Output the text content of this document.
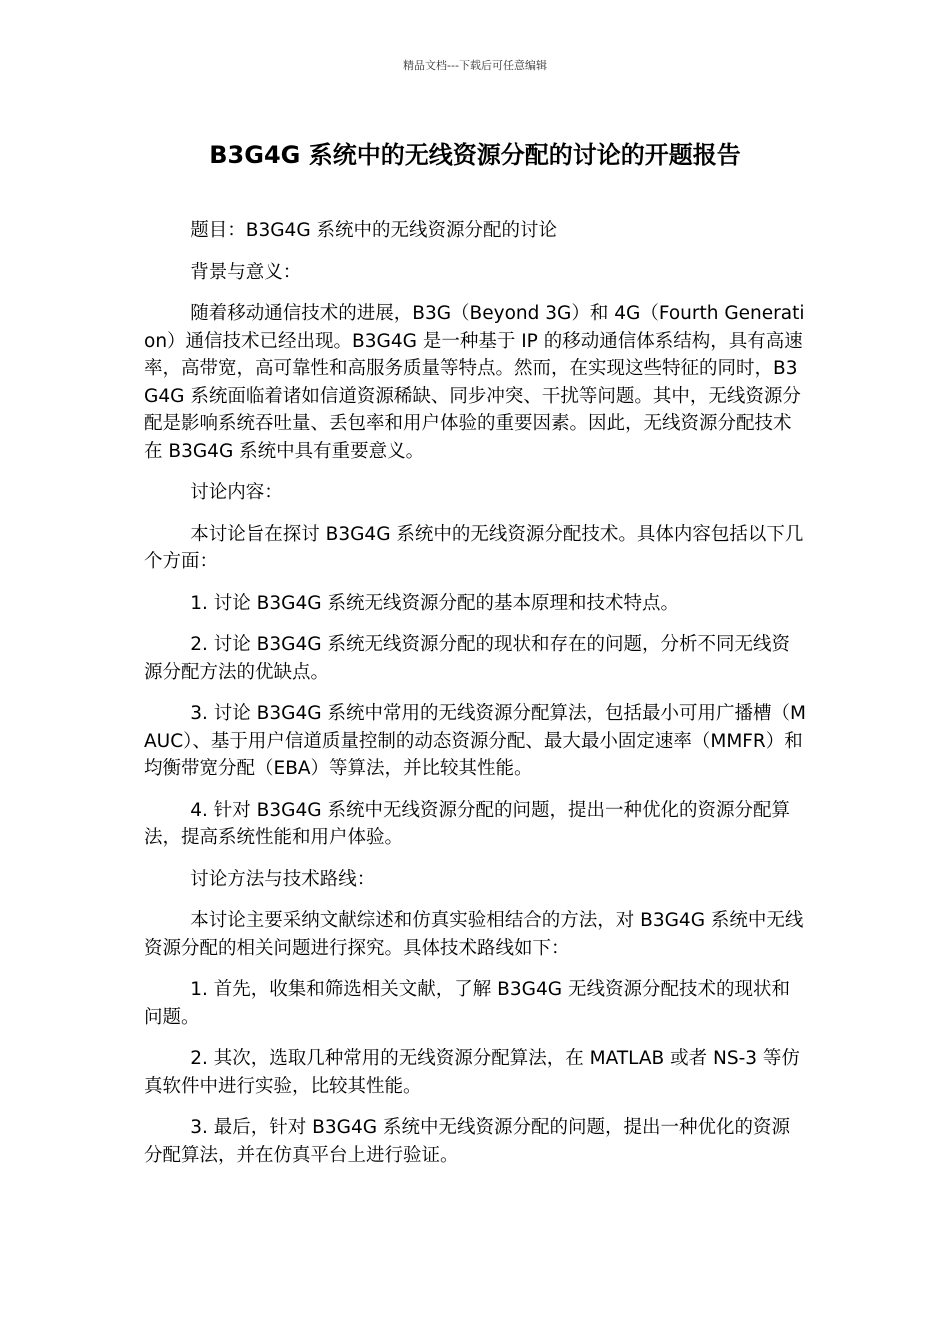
精品文档---下载后可任意编辑
B3G4G 系统中的无线资源分配的讨论的开题报告

题目：B3G4G 系统中的无线资源分配的讨论

背景与意义：

随着移动通信技术的进展，B3G（Beyond 3G）和 4G（Fourth Generation）通信技术已经出现。B3G4G 是一种基于 IP 的移动通信体系结构，具有高速率，高带宽，高可靠性和高服务质量等特点。然而，在实现这些特征的同时，B3G4G 系统面临着诸如信道资源稀缺、同步冲突、干扰等问题。其中，无线资源分配是影响系统吞吐量、丢包率和用户体验的重要因素。因此，无线资源分配技术在 B3G4G 系统中具有重要意义。

讨论内容：

本讨论旨在探讨 B3G4G 系统中的无线资源分配技术。具体内容包括以下几个方面：

1. 讨论 B3G4G 系统无线资源分配的基本原理和技术特点。

2. 讨论 B3G4G 系统无线资源分配的现状和存在的问题，分析不同无线资源分配方法的优缺点。

3. 讨论 B3G4G 系统中常用的无线资源分配算法，包括最小可用广播槽（MAUC）、基于用户信道质量控制的动态资源分配、最大最小固定速率（MMFR）和均衡带宽分配（EBA）等算法，并比较其性能。

4. 针对 B3G4G 系统中无线资源分配的问题，提出一种优化的资源分配算法，提高系统性能和用户体验。

讨论方法与技术路线：

本讨论主要采纳文献综述和仿真实验相结合的方法，对 B3G4G 系统中无线资源分配的相关问题进行探究。具体技术路线如下：

1. 首先，收集和筛选相关文献，了解 B3G4G 无线资源分配技术的现状和问题。

2. 其次，选取几种常用的无线资源分配算法，在 MATLAB 或者 NS-3 等仿真软件中进行实验，比较其性能。

3. 最后，针对 B3G4G 系统中无线资源分配的问题，提出一种优化的资源分配算法，并在仿真平台上进行验证。
